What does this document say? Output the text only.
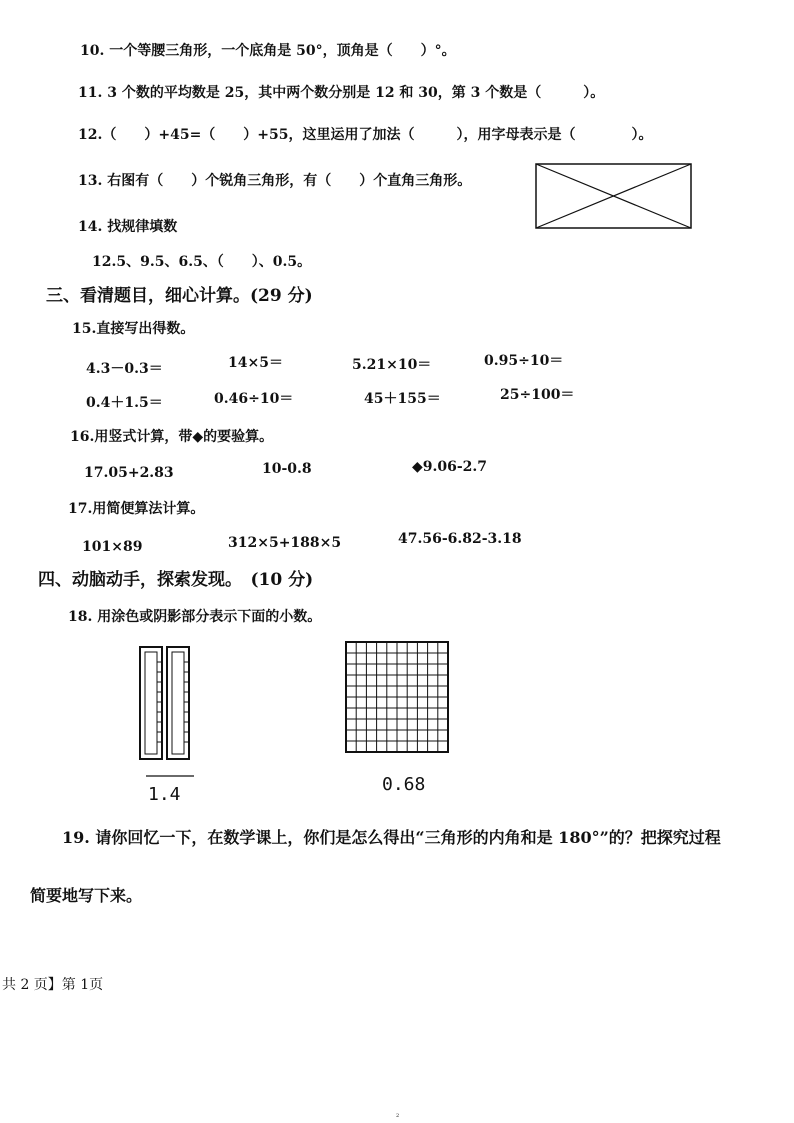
10. 一个等腰三角形，一个底角是 50°，顶角是（　　）°。
11. 3 个数的平均数是 25，其中两个数分别是 12 和 30，第 3 个数是（　　　）。
12.（　　）+45=（　　）+55，这里运用了加法（　　　），用字母表示是（　　　　）。
13. 右图有（　　）个锐角三角形，有（　　）个直角三角形。
14. 找规律填数
12.5、9.5、6.5、（　　）、0.5。
三、看清题目，细心计算。(29 分)
15.直接写出得数。
4.3－0.3＝	14×5＝	5.21×10＝	0.95÷10＝
0.4＋1.5＝	0.46÷10＝	45＋155＝	25÷100＝
16.用竖式计算，带◆的要验算。
17.05+2.83	10-0.8	◆9.06-2.7
17.用简便算法计算。
101×89	312×5+188×5	47.56-6.82-3.18
四、动脑动手，探索发现。　(10 分)
18. 用涂色或阴影部分表示下面的小数。
1.4	0.68
19. 请你回忆一下，在数学课上，你们是怎么得出“三角形的内角和是 180°”的？把探究过程
简要地写下来。
共 2 页】第 1页
2
